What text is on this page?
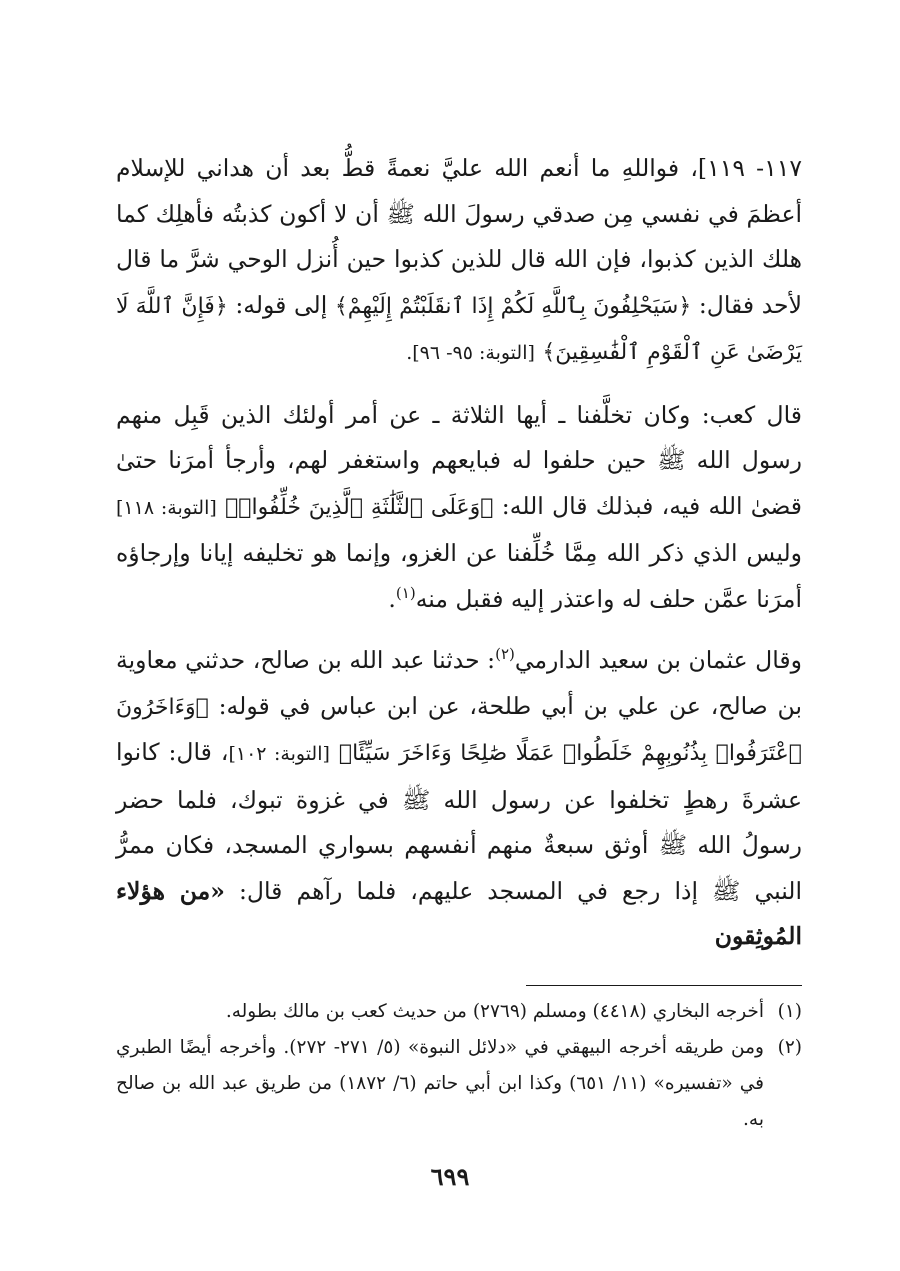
١١٧- ١١٩]، فواللهِ ما أنعم الله عليَّ نعمةً قطُّ بعد أن هداني للإسلام أعظمَ في نفسي مِن صدقي رسولَ الله ﷺ أن لا أكون كذبتُه فأهلِك كما هلك الذين كذبوا، فإن الله قال للذين كذبوا حين أُنزل الوحي شرَّ ما قال لأحد فقال: ﴿سَيَحْلِفُونَ بِٱللَّهِ لَكُمْ إِذَا ٱنقَلَبْتُمْ إِلَيْهِمْ﴾ إلى قوله: ﴿فَإِنَّ ٱللَّهَ لَا يَرْضَىٰ عَنِ ٱلْقَوْمِ ٱلْفَٰسِقِينَ﴾ [التوبة: ٩٥- ٩٦].

قال كعب: وكان تخلَّفنا ـ أيها الثلاثة ـ عن أمر أولئك الذين قَبِل منهم رسول الله ﷺ حين حلفوا له فبايعهم واستغفر لهم، وأرجأ أمرَنا حتىٰ قضىٰ الله فيه، فبذلك قال الله: ﴿وَعَلَى ٱلثَّلَٰثَةِ ٱلَّذِينَ خُلِّفُوا۟﴾ [التوبة: ١١٨] وليس الذي ذكر الله مِمَّا خُلِّفنا عن الغزو، وإنما هو تخليفه إيانا وإرجاؤه أمرَنا عمَّن حلف له واعتذر إليه فقبل منه$^{(١)}$.

وقال عثمان بن سعيد الدارمي$^{(٢)}$: حدثنا عبد الله بن صالح، حدثني معاوية بن صالح، عن علي بن أبي طلحة، عن ابن عباس في قوله: ﴿وَءَاخَرُونَ ٱعْتَرَفُوا۟ بِذُنُوبِهِمْ خَلَطُوا۟ عَمَلًا صَٰلِحًا وَءَاخَرَ سَيِّئًا﴾ [التوبة: ١٠٢]، قال: كانوا عشرةَ رهطٍ تخلفوا عن رسول الله ﷺ في غزوة تبوك، فلما حضر رسولُ الله ﷺ أوثق سبعةٌ منهم أنفسهم بسواري المسجد، فكان ممرُّ النبي ﷺ إذا رجع في المسجد عليهم، فلما رآهم قال: «من هؤلاء المُوثِقون

(١)
أخرجه البخاري (٤٤١٨) ومسلم (٢٧٦٩) من حديث كعب بن مالك بطوله.
(٢)
ومن طريقه أخرجه البيهقي في «دلائل النبوة» (٥/ ٢٧١- ٢٧٢). وأخرجه أيضًا الطبري في «تفسيره» (١١/ ٦٥١) وكذا ابن أبي حاتم (٦/ ١٨٧٢) من طريق عبد الله بن صالح به.
٦٩٩
